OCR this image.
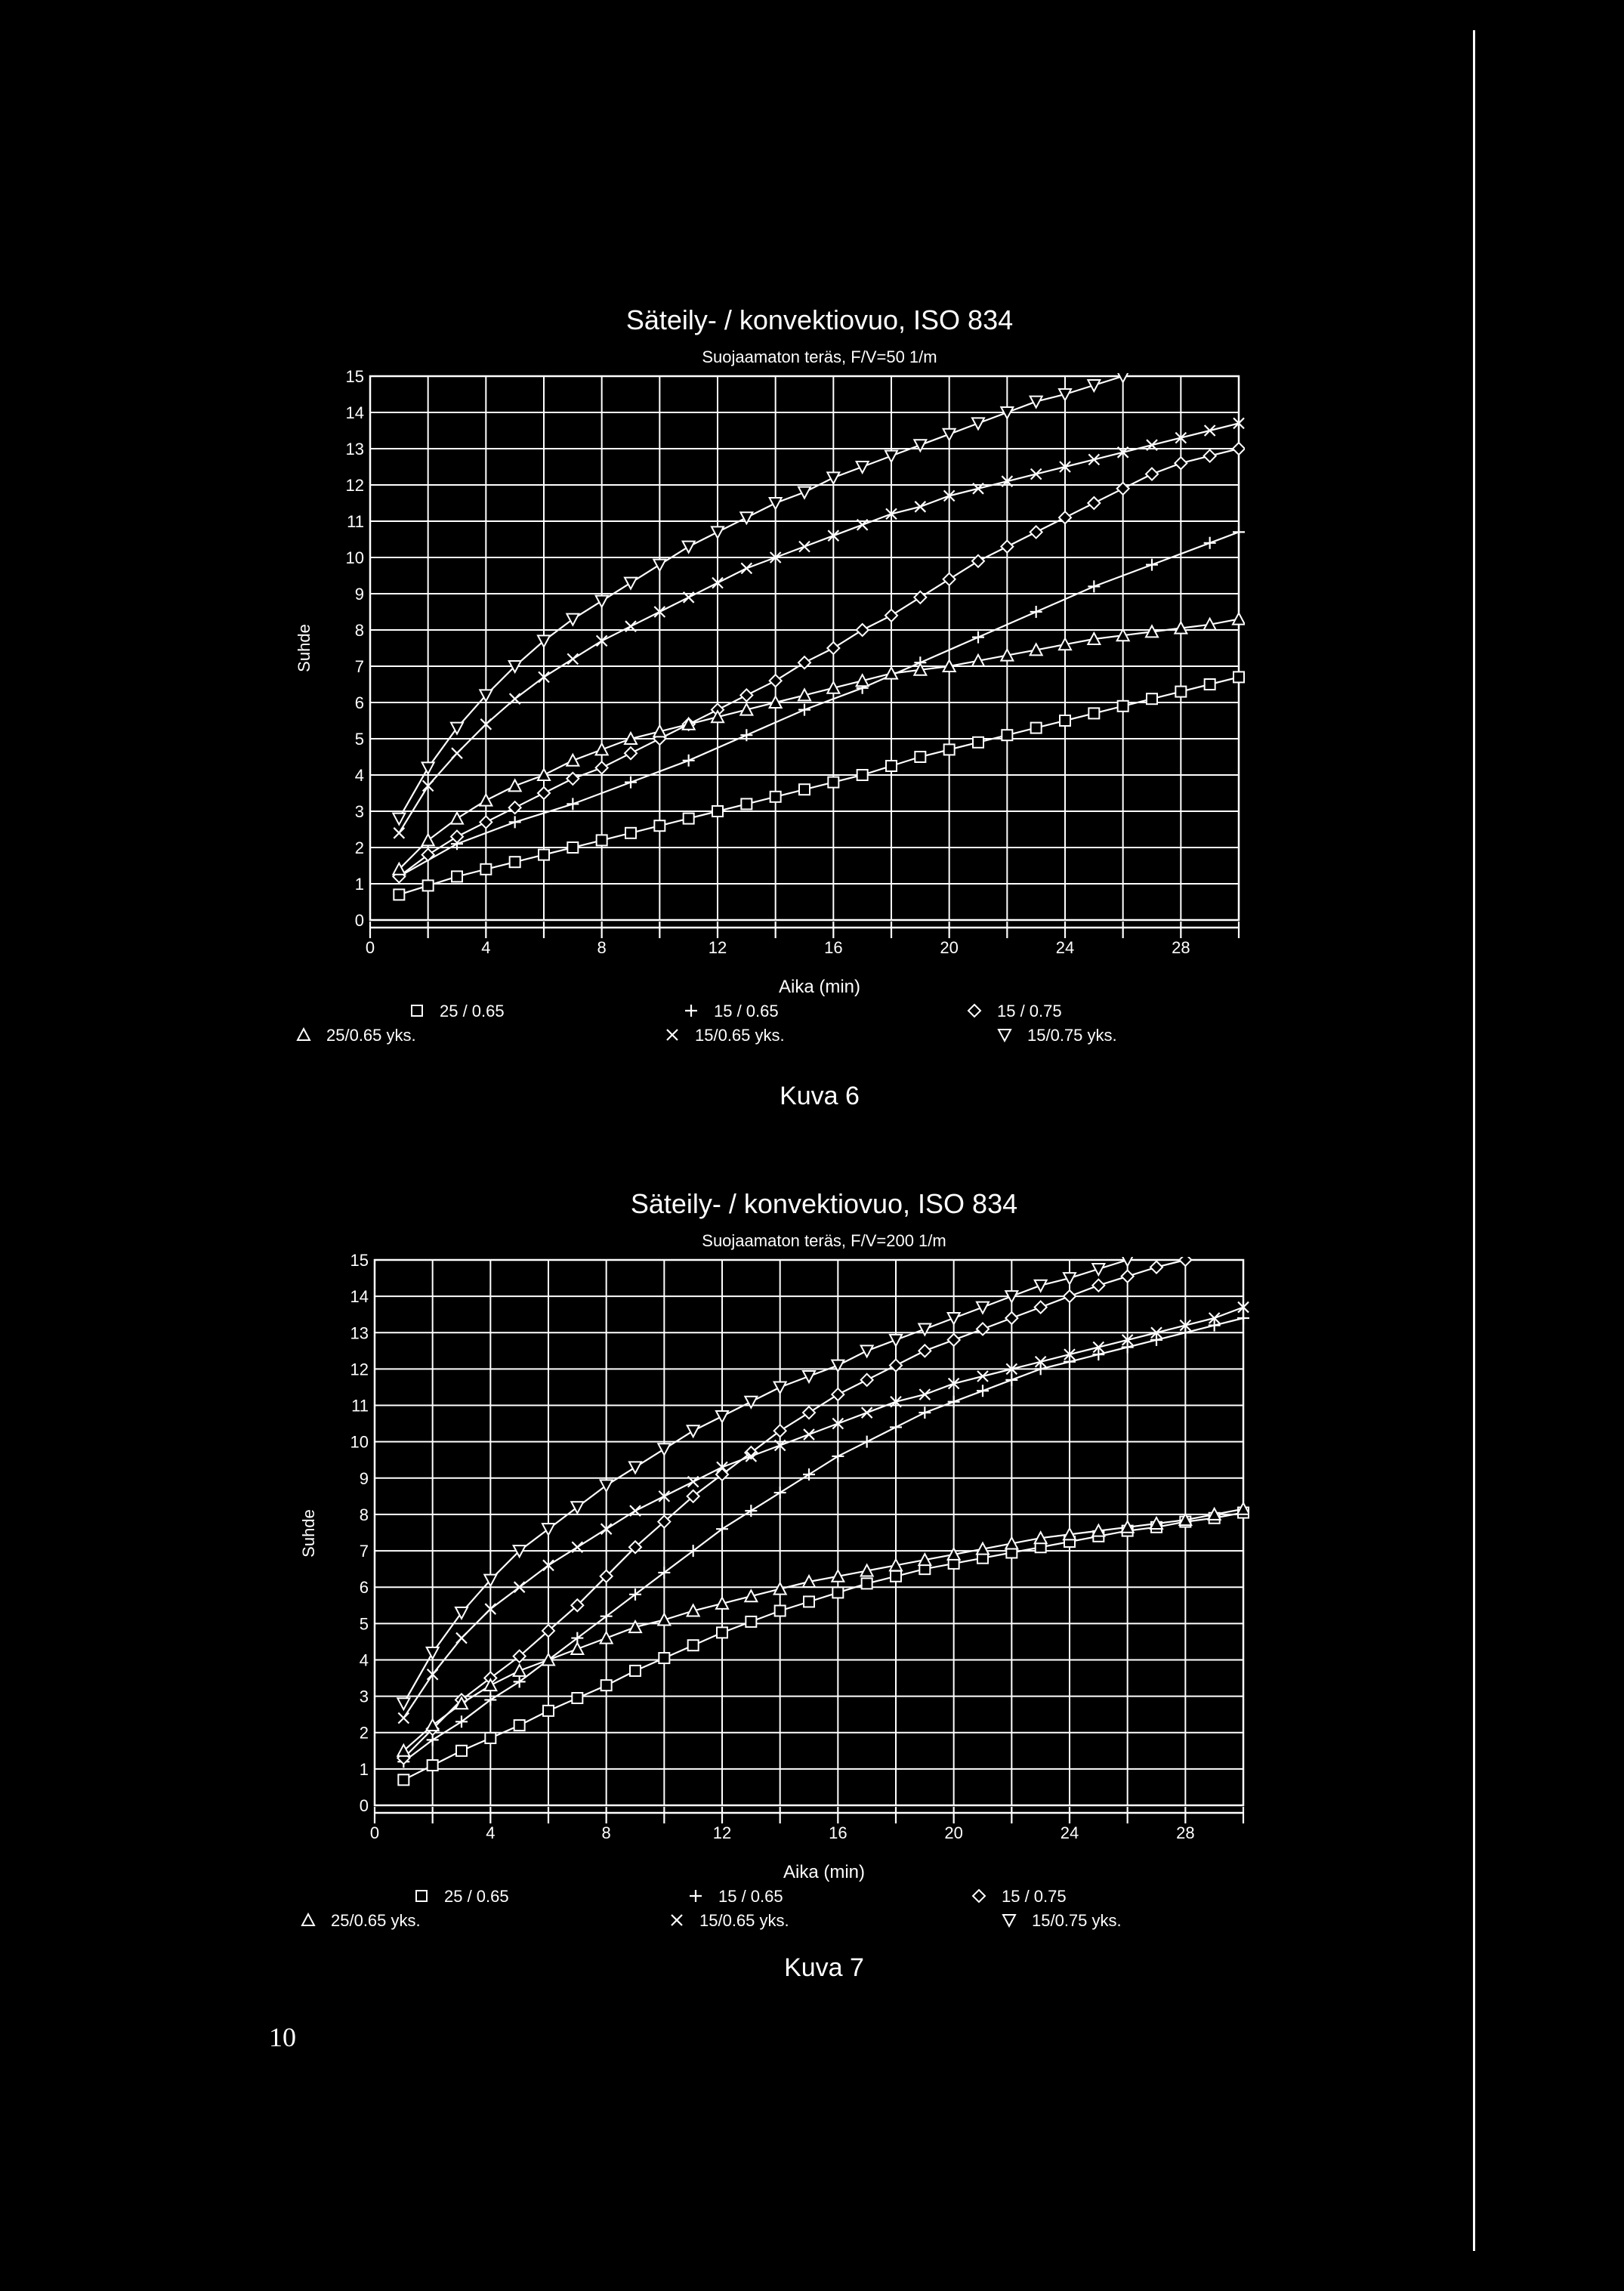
Säteily- / konvektiovuo, ISO 834
Suojaamaton teräs, F/V=50 1/m
0	4	8	12	16	20	24	28
0
1
2
3
4
5
6
7
8
9
10
11
12
13
14
15
Aika (min)
Suhde
25 / 0.65	15 / 0.65	15 / 0.75
25/0.65 yks.	15/0.65 yks.	15/0.75 yks.
Kuva 6
Säteily- / konvektiovuo, ISO 834
Suojaamaton teräs, F/V=200 1/m
0	4	8	12	16	20	24	28
0
1
2
3
4
5
6
7
8
9
10
11
12
13
14
15
Aika (min)
Suhde
25 / 0.65	15 / 0.65	15 / 0.75
25/0.65 yks.	15/0.65 yks.	15/0.75 yks.
Kuva 7
10
